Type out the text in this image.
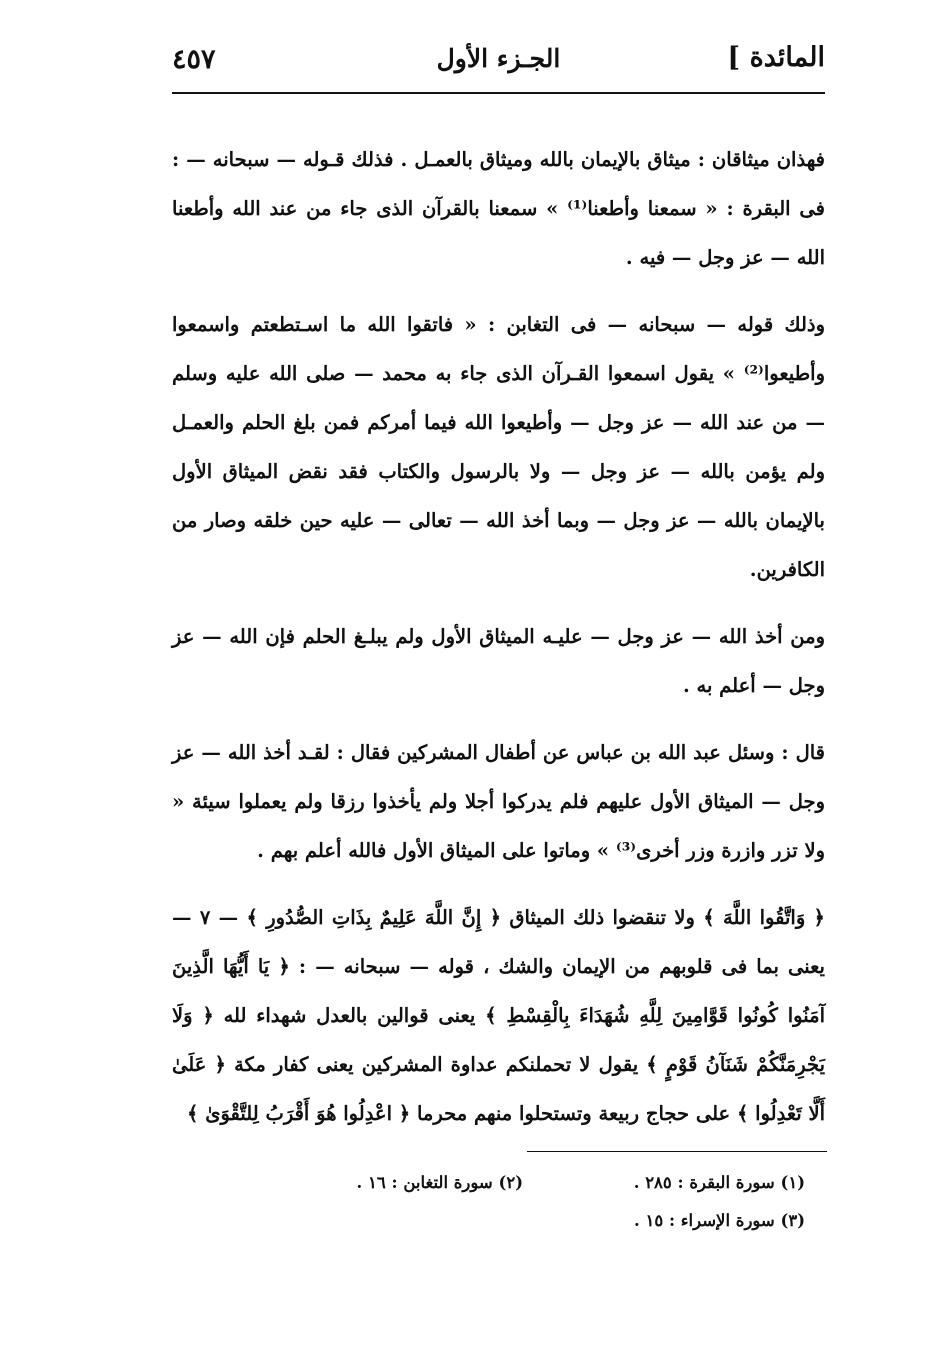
المائدة ]
الجـزء الأول
٤٥٧

فهذان ميثاقان : ميثاق بالإيمان بالله وميثاق بالعمـل . فذلك قـوله — سبحانه — : فى البقرة : « سمعنا وأطعنا⁽¹⁾ » سمعنا بالقرآن الذى جاء من عند الله وأطعنا الله — عز وجل — فيه .

وذلك قوله — سبحانه — فى التغابن : « فاتقوا الله ما اسـتطعتم واسمعوا وأطيعوا⁽²⁾ » يقول اسمعوا القـرآن الذى جاء به محمد — صلى الله عليه وسلم — من عند الله — عز وجل — وأطيعوا الله فيما أمركم فمن بلغ الحلم والعمـل ولم يؤمن بالله — عز وجل — ولا بالرسول والكتاب فقد نقض الميثاق الأول بالإيمان بالله — عز وجل — وبما أخذ الله — تعالى — عليه حين خلقه وصار من الكافرين.

ومن أخذ الله — عز وجل — عليـه الميثاق الأول ولم يبلـغ الحلم فإن الله — عز وجل — أعلم به .

قال : وسئل عبد الله بن عباس عن أطفال المشركين فقال : لقـد أخذ الله — عز وجل — الميثاق الأول عليهم فلم يدركوا أجلا ولم يأخذوا رزقا ولم يعملوا سيئة « ولا تزر وازرة وزر أخرى⁽³⁾ » وماتوا على الميثاق الأول فالله أعلم بهم .

﴿ وَاتَّقُوا اللَّهَ ﴾ ولا تنقضوا ذلك الميثاق ﴿ إِنَّ اللَّهَ عَلِيمٌ بِذَاتِ الصُّدُورِ ﴾ — ٧ — يعنى بما فى قلوبهم من الإيمان والشك ، قوله — سبحانه — : ﴿ يَا أَيُّهَا الَّذِينَ آمَنُوا كُونُوا قَوَّامِينَ لِلَّهِ شُهَدَاءَ بِالْقِسْطِ ﴾ يعنى قوالين بالعدل شهداء لله ﴿ وَلَا يَجْرِمَنَّكُمْ شَنَآنُ قَوْمٍ ﴾ يقول لا تحملنكم عداوة المشركين يعنى كفار مكة ﴿ عَلَىٰ أَلَّا تَعْدِلُوا ﴾ على حجاج ربيعة وتستحلوا منهم محرما ﴿ اعْدِلُوا هُوَ أَقْرَبُ لِلتَّقْوَىٰ ﴾

(١) سورة البقرة : ٢٨٥ .
(٢) سورة التغابن : ١٦ .
(٣) سورة الإسراء : ١٥ .
